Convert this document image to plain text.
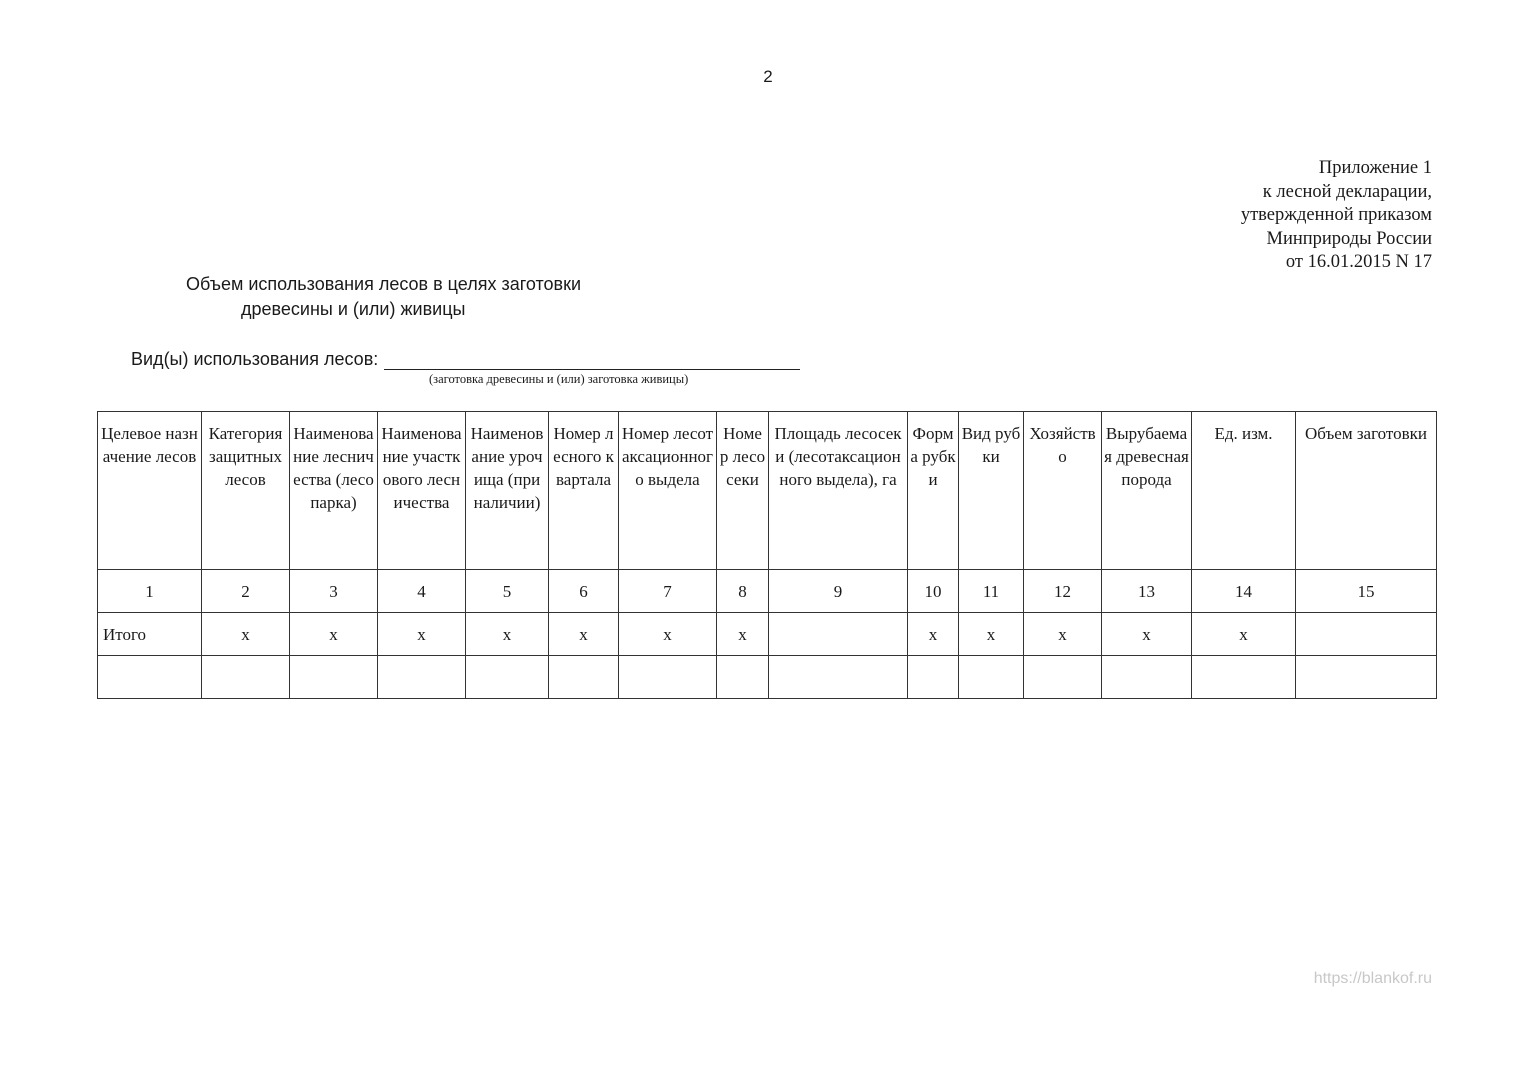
2
Приложение 1
к лесной декларации,
утвержденной приказом
Минприроды России
от 16.01.2015 N 17
Объем использования лесов в целях заготовки
древесины и (или) живицы
Вид(ы) использования лесов:
(заготовка древесины и (или) заготовка живицы)
Целевое назначение лесов	Категория защитных лесов	Наименование лесничества (лесопарка)	Наименование участкового лесничества	Наименование урочища (при наличии)	Номер лесного квартала	Номер лесотаксационного выдела	Номер лесосеки	Площадь лесосеки (лесотаксационного выдела), га	Форма рубки	Вид рубки	Хозяйство	Вырубаемая древесная порода	Ед. изм.	Объем заготовки
1	2	3	4	5	6	7	8	9	10	11	12	13	14	15
Итого	x	x	x	x	x	x	x		x	x	x	x	x	

https://blankof.ru
